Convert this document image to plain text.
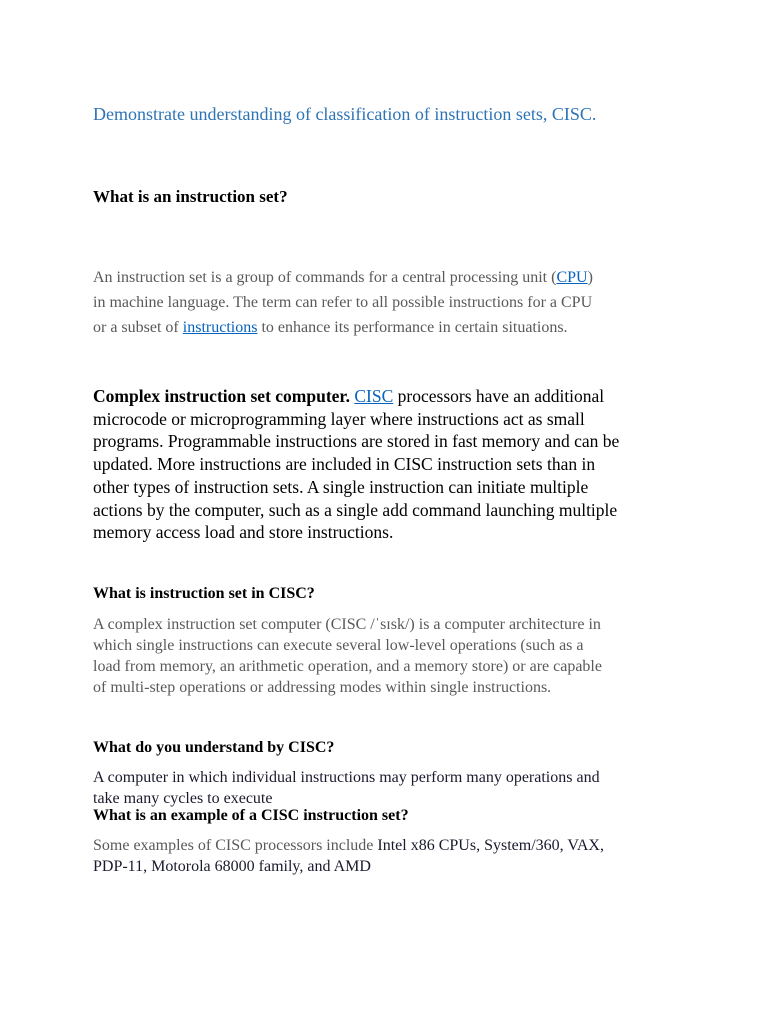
Demonstrate understanding of classification of instruction sets, CISC.
What is an instruction set?
An instruction set is a group of commands for a central processing unit (CPU)
in machine language. The term can refer to all possible instructions for a CPU
or a subset of instructions to enhance its performance in certain situations.
Complex instruction set computer. CISC processors have an additional
microcode or microprogramming layer where instructions act as small
programs. Programmable instructions are stored in fast memory and can be
updated. More instructions are included in CISC instruction sets than in
other types of instruction sets. A single instruction can initiate multiple
actions by the computer, such as a single add command launching multiple
memory access load and store instructions.
What is instruction set in CISC?
A complex instruction set computer (CISC /ˈsɪsk/) is a computer architecture in
which single instructions can execute several low-level operations (such as a
load from memory, an arithmetic operation, and a memory store) or are capable
of multi-step operations or addressing modes within single instructions.
What do you understand by CISC?
A computer in which individual instructions may perform many operations and
take many cycles to execute
What is an example of a CISC instruction set?
Some examples of CISC processors include Intel x86 CPUs, System/360, VAX,
PDP-11, Motorola 68000 family, and AMD
